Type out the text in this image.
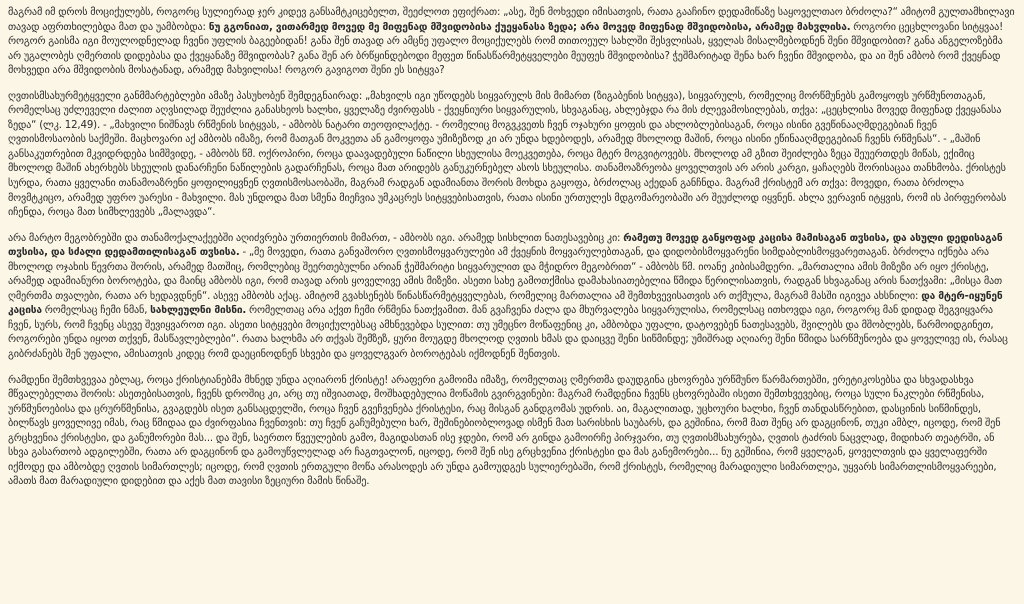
მაგრამ იმ დროს მოციქულებს, როგორც სულიერად ჯერ კიდევ განსამტკიცებელთ, შეეძლოთ ეფიქრათ: „ასე, შენ მოხვედი იმისათვის, რათა გააჩინო დედამიწაზე საყოველთაო ბრძოლა?“ ამიტომ გულთამხილავი თავად აფრთხილებდა მათ და უამბობდა: ნუ გგონიათ, ვითარმედ მოვედ მე მიფენად მშვიდობისა ქუეყანასა ზედა; არა მოვედ მიფენად მშვიდობისა, არამედ მახჳლისა. როგორი ცეცხლოვანი სიტყვაა! როგორ გაისმა იგი მოულოდნელად ჩვენი უფლის ბაგეებიდან! განა შენ თავად არ ამცნე უფალო მოციქულებს რომ თითოეულ სახლში შესვლისას, ყველას მისალმებოდნენ შენი მშვიდობით? განა ანგელოზებმა არ უგალობეს ღმერთის დიდებასა და ქვეყანაზე მშვიდობას? განა შენ არ ბრწყინდებოდი მეფეთ წინასწარმეტყველები მეუფეს მშვიდობისა? ჭეშმარიტად შენა ხარ ჩვენი მშვიდობა, და აი შენ ამბობ რომ ქვეყნად მოხვედი არა მშვიდობის მოსატანად, არამედ მახვილისა! როგორ გავიგოთ შენი ეს სიტყვა?

ღვთისმსახურმეტყველი განმმარტებლები ამაზე პასუხობენ შემდეგნაირად: „მახვილს იგი უწოდებს სიყვარულს მის მიმართ (ზიგაბენის სიტყვა), სიყვარულს, რომელიც მორწმუნებს გამოყოფს ურწმუნოთაგან, რომელსაც უძლეველი ძალით აღვსილად შეუძლია განასხეოს ხალხი, ყველაზე ძვირფასს - ქვეყნიური სიყვარულის, სხვაგანაც, ახლებჯდა რა მის ძლევამოსილებას, თქვა: „ცეცხლისა მოვედ მიფენად ქვეყანასა ზედა“ (ლკ. 12,49). - „მახვილი ნიშნავს რწმენის სიტყვას, - ამბობს ნატარი თეოფილაქტე. - რომელიც მოგვკვეთს ჩვენ ოჯახური ყოფის და ახლობლებისაგან, როცა ისინი გვეწინააღმდეგებიან ჩვენ ღვთისმოსაობის საქმეში. მაცხოვარი აქ ამბობს იმაზე, რომ მათგან მოკვეთა ან გამოყოფა უმიზეზოდ კი არ უნდა ხდებოდეს, არამედ მხოლოდ მაშინ, როცა ისინი ეწინააღმდეგებიან ჩვენს რწმენას“. - „მაშინ განსაკუთრებით მკვიდრდება სიმშვიდე, - ამბობს წმ. ოქროპირი, როცა დაავადებული ნაწილი სხეულისა მოეკვეთება, როცა მტერ მოგვიტოვებს. მხოლოდ ამ გზით შეიძლება ზეცა შეუერთდეს მიწას, ექიმიც მხოლოდ მაშინ ახერხებს სხეულის დანარჩენი ნაწილების გადარჩენას, როცა მათ არიდებს განუკურნებელ ასოს სხეულისა. თანამოაზრეობა ყოველთვის არ არის კარგი, ყაჩაღებს შორისაცაა თანხმობა. ქრისტეს სურდა, რათა ყველანი თანამოაზრენი ყოფილიყვნენ ღვთისმოსაობაში, მაგრამ რადგან ადამიანთა შორის მოხდა გაყოფა, ბრძოლაც აქედან განჩნდა. მაგრამ ქრისტემ არ თქვა: მოვედი, რათა ბრძოლა მოვმტკიცო, არამედ უფრო უარესი - მახვილი. მას უნდოდა მათ სმენა მიეჩვია უმკაცრეს სიტყვებისათვის, რათა ისინი ურთულეს მდგომარეობაში არ შეუძლოდ იყვნენ. ახლა ვერავინ იტყვის, რომ ის პირფერობას იჩენდა, როცა მათ სიმხლევებს „მალავდა“.

არა მარტო მეგობრებში და თანამოქალაქეებში აღიძვრება ურთიერთის მიმართ, - ამბობს იგი. არამედ სისხლით ნათესავებიც კი: რამეთუ მოვედ განყოფად კაცისა მამისაგან თჳსისა, და ასული დედისაგან თჳსისა, და სძალი დედამთილისაგან თჳსისა. - „მე მოვედი, რათა განვაშორო ღვთისმოყვარულები ამ ქვეყნის მოყვარულებთაგან, და დიდობისმოყვარენი სიმდაბლისმოყვარეთაგან. ბრძოლა იქნება არა მხოლოდ ოჯახის წევრთა შორის, არამედ მათშიც, რომლებიც შეერთებულნი არიან ჭეშმარიტი სიყვარულით და მჭიდრო მეგობრით“ - ამბობს წმ. იოანე კიბისამდერი. „მართალია ამის მიზეზი არ იყო ქრისტე, არამედ ადამიანური ბოროტება, და მაინც ამბობს იგი, რომ თავად არის ყოველივე ამის მიზეზი. ასეთი სახე გამოთქმისა დამახასიათებელია წმიდა წერილისათვის, რადგან სხვაგანაც არის ნათქვამი: „მისცა მათ ღმერთმა თვალები, რათა არ ხედავდნენ“. ასევე ამბობს აქაც. ამიტომ გვახსენებს წინასწარმეტყველებას, რომელიც მართალია ამ შემთხვევისათვის არ თქმულა, მაგრამ მასში იგივეა ახსნილი: და მტერ-იყუნენ კაცისა რომელსაც ჩემი ნმან, სახლეულნი მისნი. რომელთაც არა აქვთ ჩემი რწმენა ნათქვამით. მან გვაჩვენა ძალა და მხურვალება სიყვარულისა, რომელსაც ითხოვდა იგი, როგორც მან დიდად შეგვიყვარა ჩვენ, სურს, რომ ჩვენც ასევე შევიყვაროთ იგი. ასეთი სიტყვები მოციქულებსაც ამხნევებდა სულით: თუ უმეცნო მოწაფენიც კი, ამბობდა უფალი, დატოვებენ ნათესავებს, შვილებს და მშობლებს, წარმოიდგინეთ, როგორები უნდა იყოთ თქვენ, მასწავლებლები“. რათა ხალხმა არ თქვას შემზეზ, ყური მოუგდე მხოლოდ ღვთის ხმას და დაიცვე შენი სიწმინდე; უმიშრად აღიარე შენი წმიდა სარწმუნოება და ყოველივე ის, რასაც გიბრძანებს შენ უფალი, ამისათვის კიდეც რომ დაეცინოდნენ სხვები და ყოველგვარ ბოროტებას იქმოდნენ შენთვის.

რამდენი შემთხვევაა ებლაც, როცა ქრისტიანებმა მხნედ უნდა აღიარონ ქრისტე! არაფერი გამოიმა იმაზე, რომელთაც ღმერთმა დაუდგინა ცხოვრება ურწმუნო წარმართებში, ერეტიკოსებსა და სხვადასხვა მწვალებელთა შორის: ასეთებისათვის, ჩვენს დროშიც კი, არც თუ იშვიათად, მოშხადებულია მოწამის გვირგვინები: მაგრამ რამდენია ჩვენს ცხოვრებაში ისეთი შემთხვევებიც, როცა სული ნაკლები რწმენისა, ურწმუნოებისა და ცრურწმენისა, გვაგდებს ისეთ განსაცდელში, როცა ჩვენ გვეჩვენება ქრისტესი, რაც მისგან განდგომას უდრის. აი, მაგალითად, უცხოური ხალხი, ჩვენ თანდასწრებით, დასცინის სიწმინდეს, ბილწავს ყოველივე იმას, რაც წმიდაა და ძვირფასია ჩვენთვის: თუ ჩვენ გაჩუმებული ხარ, შეშინებიობლოვად ისმენ მათ სარისხის საუბარს, და გეშინია, რომ მათ შენც არ დაგცინონ, თუკი ამბლ, იცოდე, რომ შენ გრცხვენია ქრისტესი, და განუმორები მას... და შენ, საერთო წვეულების გამო, მაგიდასთან ისე ჯდები, რომ არ გინდა გამოირჩე პირჯვარი, თუ ღვთისმსახურება, ღვთის ტაძრის ნაცვლად, მიდიხარ თეატრში, ან სხვა გასართობ ადგილებში, რათა არ დაგცინონ და გამოუწვლელად არ ჩაგთვალონ, იცოდე, რომ შენ ისე გრცხვენია ქრისტესი და მას განემორები... ნუ გეშინია, რომ ყველგან, ყოველთვის და ყველაფერში იქმოდე და ამბობდე ღვთის სიმართლეს; იცოდე, რომ ღვთის ერთგული მოწა არასოდეს არ უნდა გამოუდგეს სულიერებაში, რომ ქრისტეს, რომელიც მარადიული სიმართლეა, უყვარს სიმართლისმოყვარეები, ამათს მათ მარადიული დიდებით და აქეს მათ თავისი ზეციური მამის წინაშე.
